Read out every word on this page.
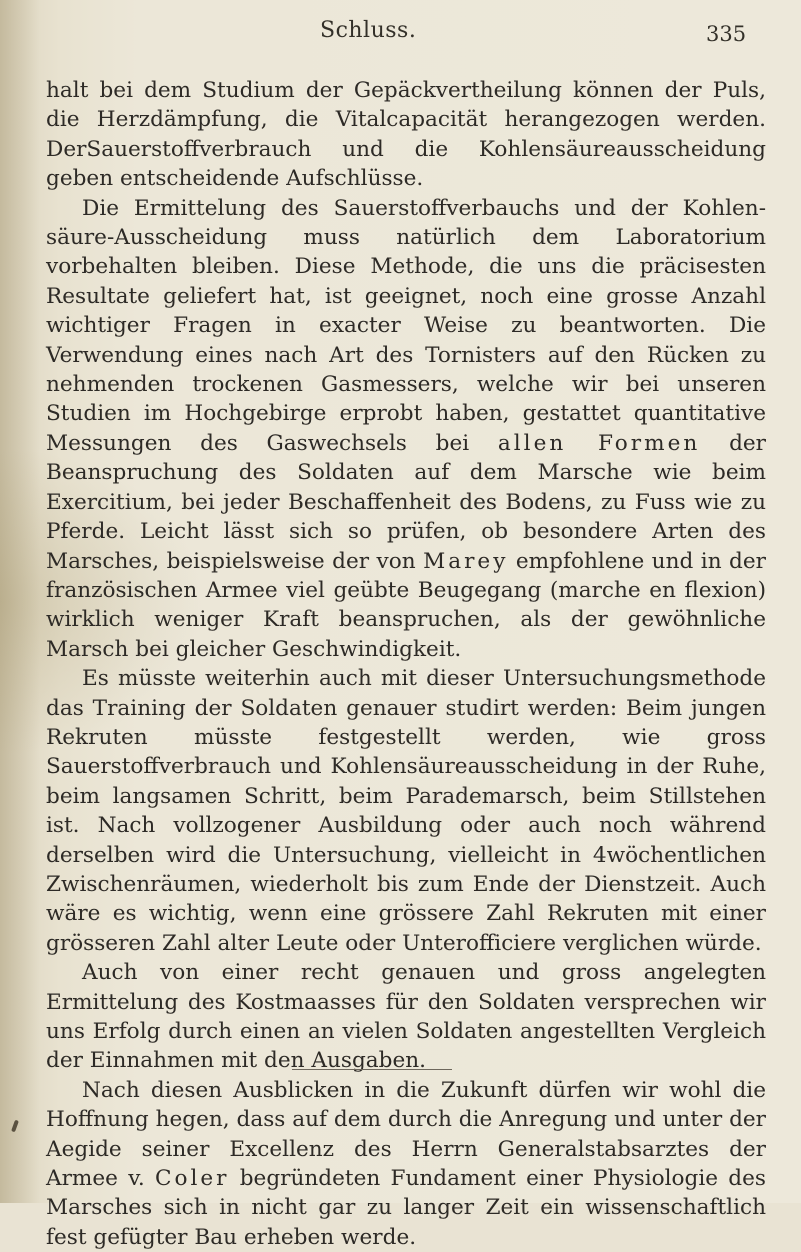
Schluss.	335

halt bei dem Studium der Gepäckvertheilung können der Puls, die Herzdämpfung, die Vitalcapacität herangezogen werden. DerSauerstoffverbrauch und die Kohlensäureausscheidung geben entscheidende Aufschlüsse.

Die Ermittelung des Sauerstoffverbauchs und der Kohlen-säure-Ausscheidung muss natürlich dem Laboratorium vorbehalten bleiben. Diese Methode, die uns die präcisesten Resultate geliefert hat, ist geeignet, noch eine grosse Anzahl wichtiger Fragen in exacter Weise zu beantworten. Die Verwendung eines nach Art des Tornisters auf den Rücken zu nehmenden trockenen Gasmessers, welche wir bei unseren Studien im Hochgebirge erprobt haben, gestattet quantitative Messungen des Gaswechsels bei allen Formen der Beanspruchung des Soldaten auf dem Marsche wie beim Exercitium, bei jeder Beschaffenheit des Bodens, zu Fuss wie zu Pferde. Leicht lässt sich so prüfen, ob besondere Arten des Marsches, beispielsweise der von Marey empfohlene und in der französischen Armee viel geübte Beugegang (marche en flexion) wirklich weniger Kraft beanspruchen, als der gewöhnliche Marsch bei gleicher Geschwindigkeit.

Es müsste weiterhin auch mit dieser Untersuchungsmethode das Training der Soldaten genauer studirt werden: Beim jungen Rekruten müsste festgestellt werden, wie gross Sauerstoffverbrauch und Kohlensäureausscheidung in der Ruhe, beim langsamen Schritt, beim Parademarsch, beim Stillstehen ist. Nach vollzogener Ausbildung oder auch noch während derselben wird die Untersuchung, vielleicht in 4wöchentlichen Zwischenräumen, wiederholt bis zum Ende der Dienstzeit. Auch wäre es wichtig, wenn eine grössere Zahl Rekruten mit einer grösseren Zahl alter Leute oder Unterofficiere verglichen würde.

Auch von einer recht genauen und gross angelegten Ermittelung des Kostmaasses für den Soldaten versprechen wir uns Erfolg durch einen an vielen Soldaten angestellten Vergleich der Einnahmen mit den Ausgaben.

Nach diesen Ausblicken in die Zukunft dürfen wir wohl die Hoffnung hegen, dass auf dem durch die Anregung und unter der Aegide seiner Excellenz des Herrn Generalstabsarztes der Armee v. Coler begründeten Fundament einer Physiologie des Marsches sich in nicht gar zu langer Zeit ein wissenschaftlich fest gefügter Bau erheben werde.
